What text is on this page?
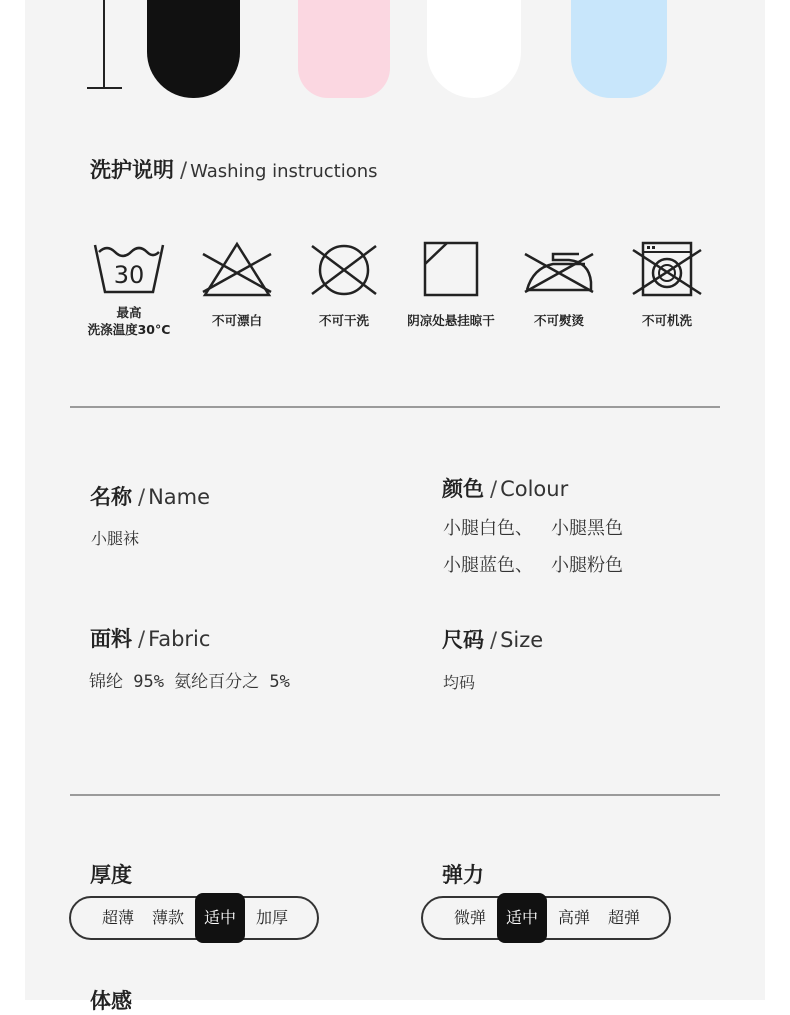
洗护说明 / Washing instructions
30
最高
洗涤温度30°C
不可漂白	不可干洗	阴凉处悬挂晾干	不可熨烫	不可机洗
名称 / Name
小腿袜
颜色 / Colour
小腿白色、 小腿黑色
小腿蓝色、 小腿粉色
面料 / Fabric
锦纶 95% 氨纶百分之 5%
尺码 / Size
均码
厚度
超薄	薄款	适中	加厚
弹力
微弹	适中	高弹	超弹
体感
